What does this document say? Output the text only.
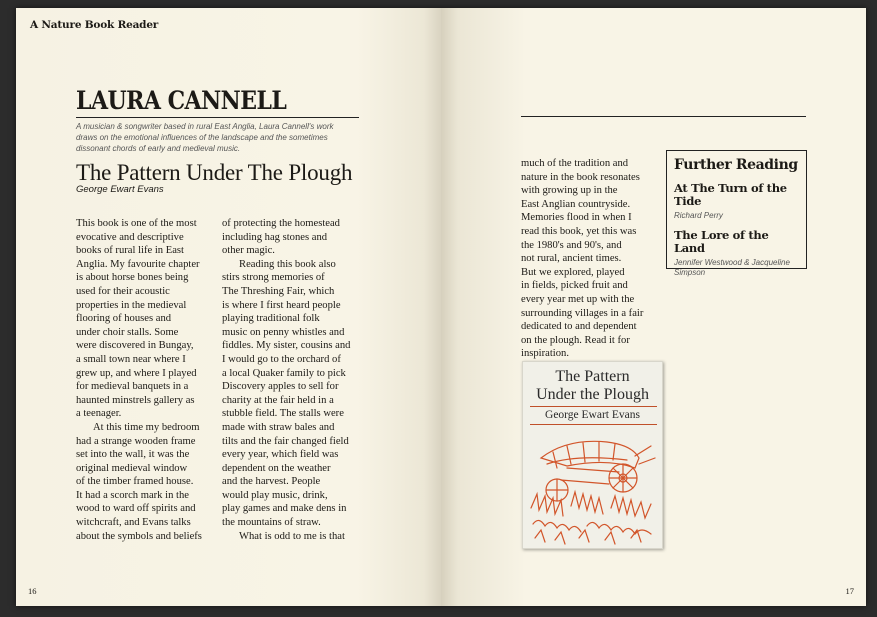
A Nature Book Reader
LAURA CANNELL
A musician & songwriter based in rural East Anglia, Laura Cannell's work
draws on the emotional influences of the landscape and the sometimes
dissonant chords of early and medieval music.
The Pattern Under The Plough
George Ewart Evans
This book is one of the most
evocative and descriptive
books of rural life in East
Anglia. My favourite chapter
is about horse bones being
used for their acoustic
properties in the medieval
flooring of houses and
under choir stalls. Some
were discovered in Bungay,
a small town near where I
grew up, and where I played
for medieval banquets in a
haunted minstrels gallery as
a teenager.
At this time my bedroom
had a strange wooden frame
set into the wall, it was the
original medieval window
of the timber framed house.
It had a scorch mark in the
wood to ward off spirits and
witchcraft, and Evans talks
about the symbols and beliefs
of protecting the homestead
including hag stones and
other magic.
Reading this book also
stirs strong memories of
The Threshing Fair, which
is where I first heard people
playing traditional folk
music on penny whistles and
fiddles. My sister, cousins and
I would go to the orchard of
a local Quaker family to pick
Discovery apples to sell for
charity at the fair held in a
stubble field. The stalls were
made with straw bales and
tilts and the fair changed field
every year, which field was
dependent on the weather
and the harvest. People
would play music, drink,
play games and make dens in
the mountains of straw.
What is odd to me is that
16
Further Reading
At The Turn of the Tide
Richard Perry
The Lore of the Land
Jennifer Westwood & Jacqueline Simpson
The Pattern
Under the Plough
George Ewart Evans
17
much of the tradition and
nature in the book resonates
with growing up in the
East Anglian countryside.
Memories flood in when I
read this book, yet this was
the 1980's and 90's, and
not rural, ancient times.
But we explored, played
in fields, picked fruit and
every year met up with the
surrounding villages in a fair
dedicated to and dependent
on the plough. Read it for
inspiration.
